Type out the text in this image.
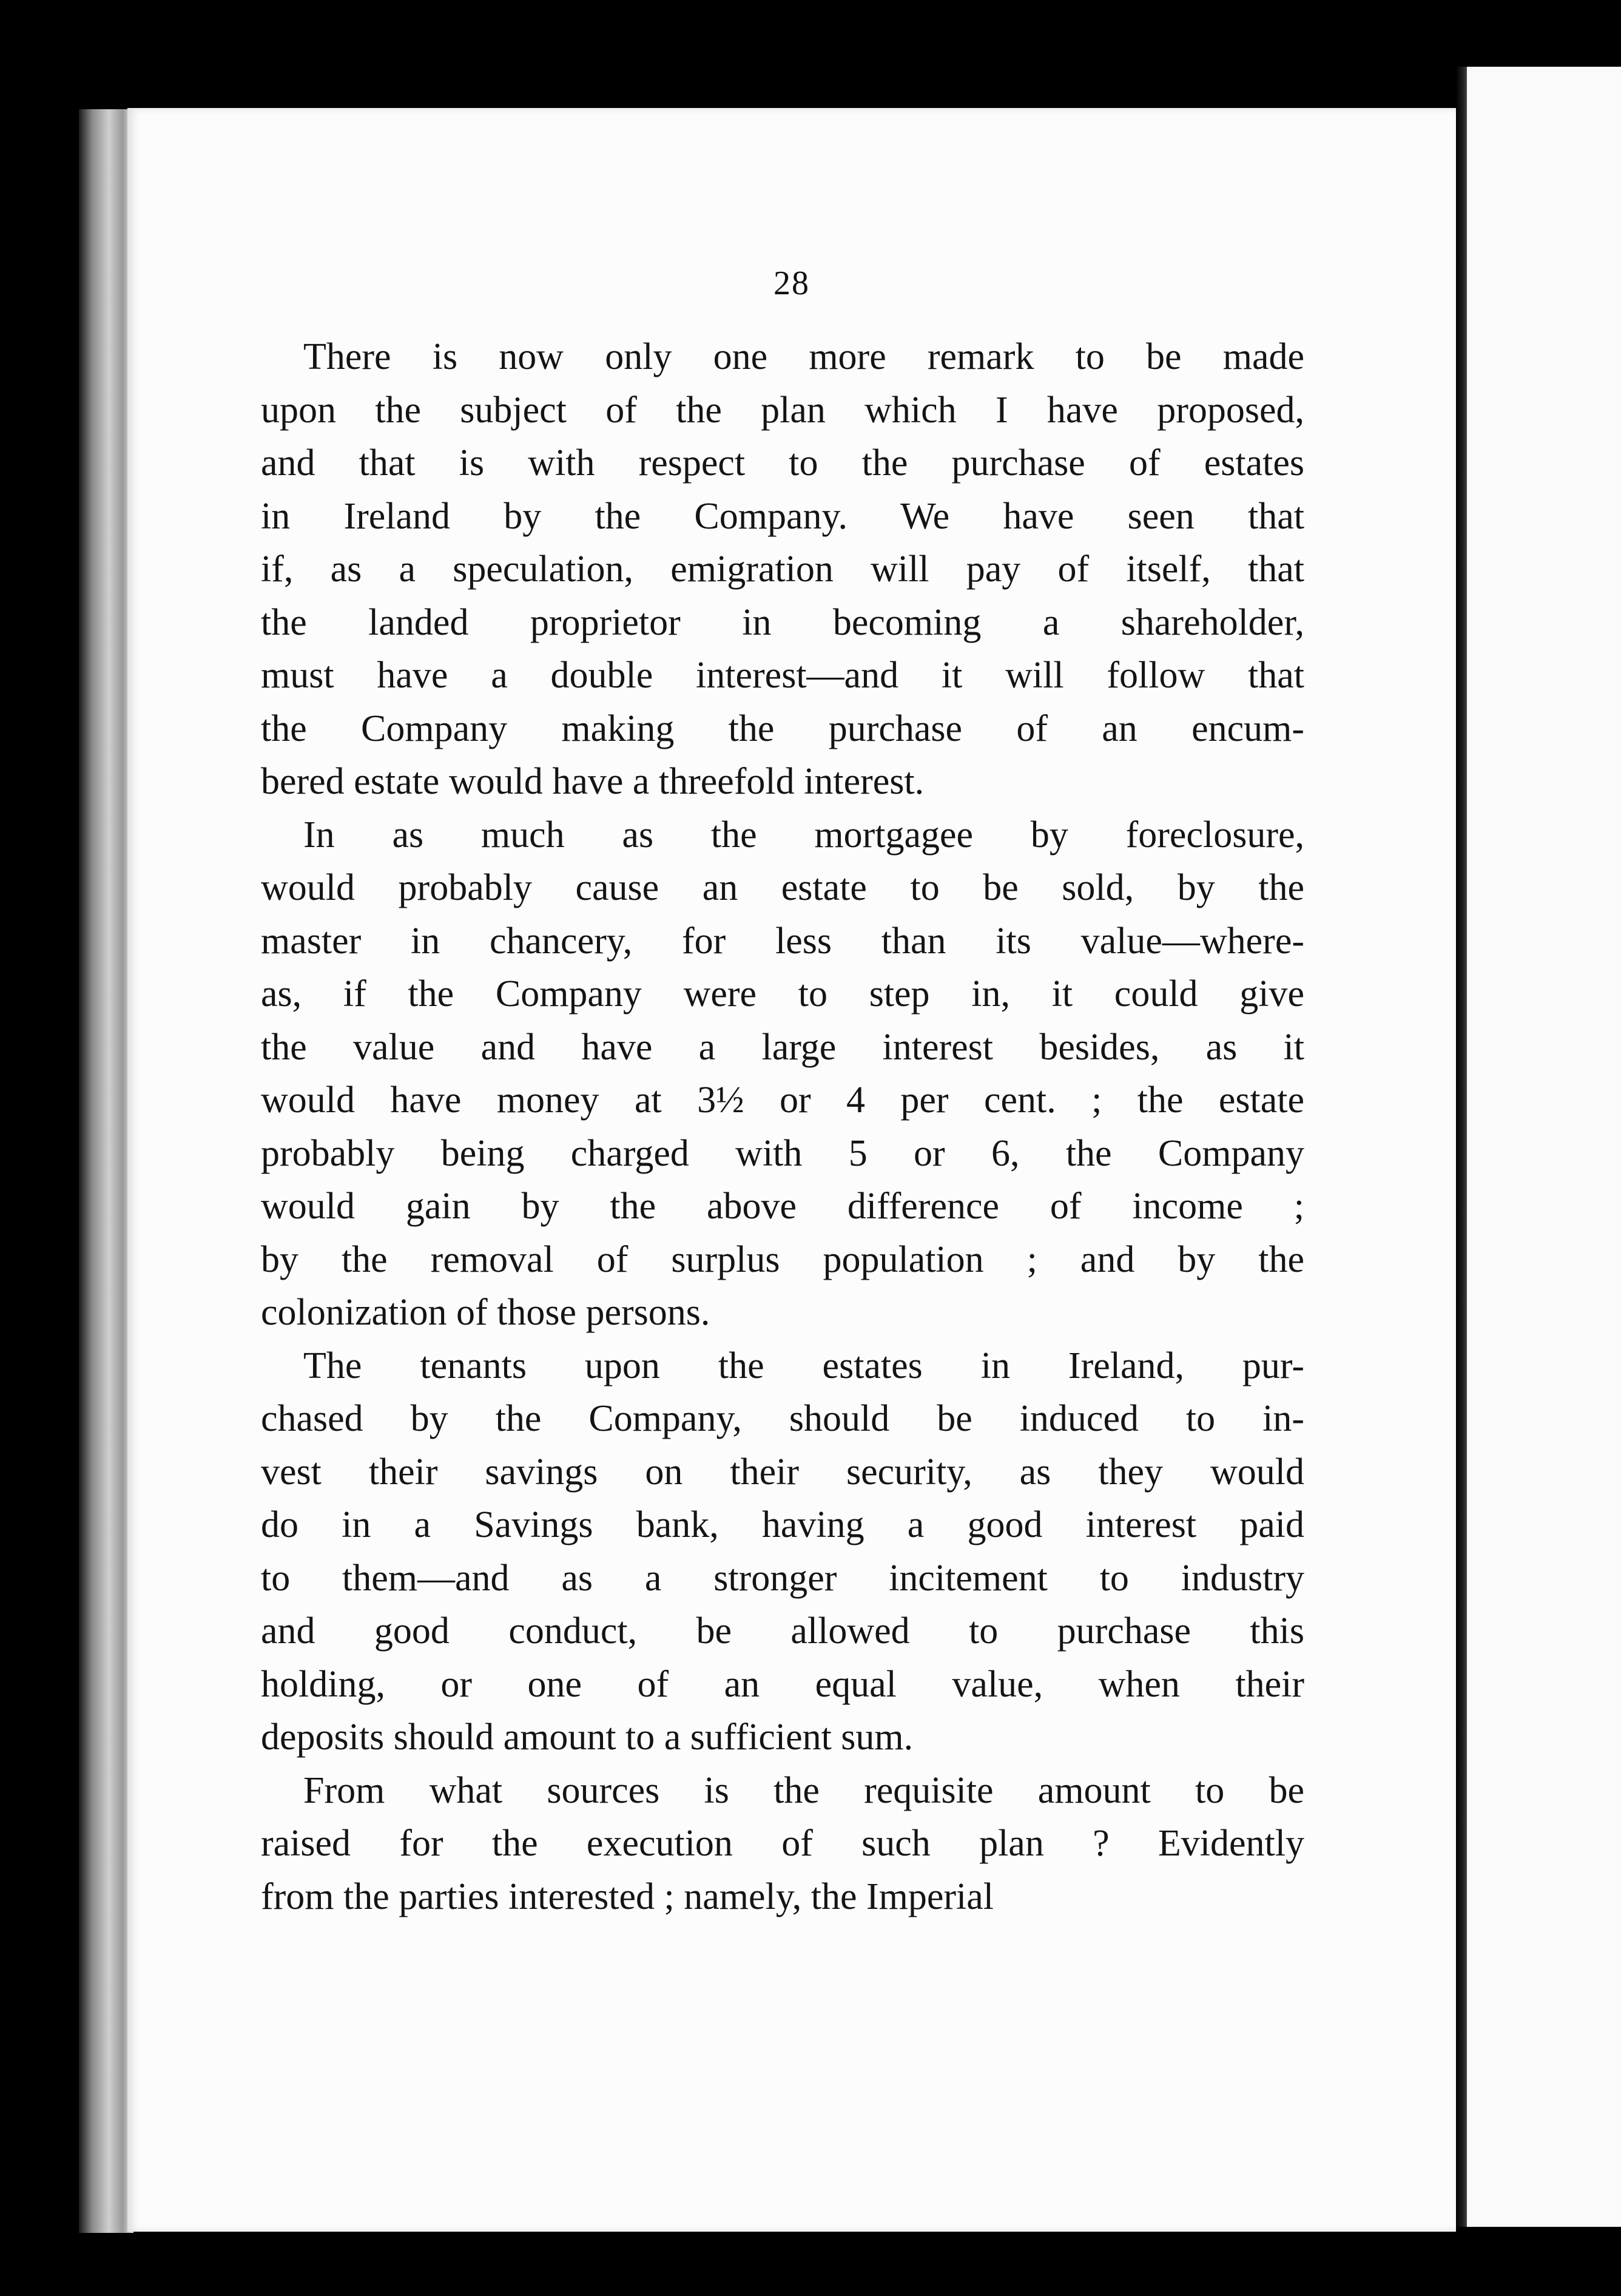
28
There is now only one more remark to be made
upon the subject of the plan which I have proposed,
and that is with respect to the purchase of estates
in Ireland by the Company. We have seen that
if, as a speculation, emigration will pay of itself, that
the landed proprietor in becoming a shareholder,
must have a double interest—and it will follow that
the Company making the purchase of an encum-
bered estate would have a threefold interest.
In as much as the mortgagee by foreclosure,
would probably cause an estate to be sold, by the
master in chancery, for less than its value—where-
as, if the Company were to step in, it could give
the value and have a large interest besides, as it
would have money at 3½ or 4 per cent. ; the estate
probably being charged with 5 or 6, the Company
would gain by the above difference of income ;
by the removal of surplus population ; and by the
colonization of those persons.
The tenants upon the estates in Ireland, pur-
chased by the Company, should be induced to in-
vest their savings on their security, as they would
do in a Savings bank, having a good interest paid
to them—and as a stronger incitement to industry
and good conduct, be allowed to purchase this
holding, or one of an equal value, when their
deposits should amount to a sufficient sum.
From what sources is the requisite amount to be
raised for the execution of such plan ? Evidently
from the parties interested ; namely, the Imperial
